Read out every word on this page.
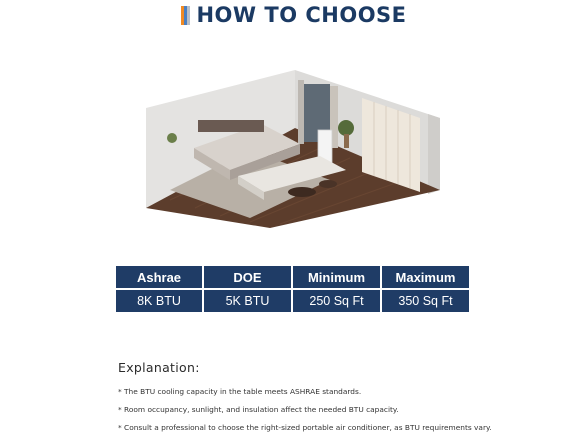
HOW TO CHOOSE
Ashrae	DOE	Minimum	Maximum
8K BTU	5K BTU	250 Sq Ft	350 Sq Ft
Explanation:
* The BTU cooling capacity in the table meets ASHRAE standards.
* Room occupancy, sunlight, and insulation affect the needed BTU capacity.
* Consult a professional to choose the right-sized portable air conditioner, as BTU requirements vary.
